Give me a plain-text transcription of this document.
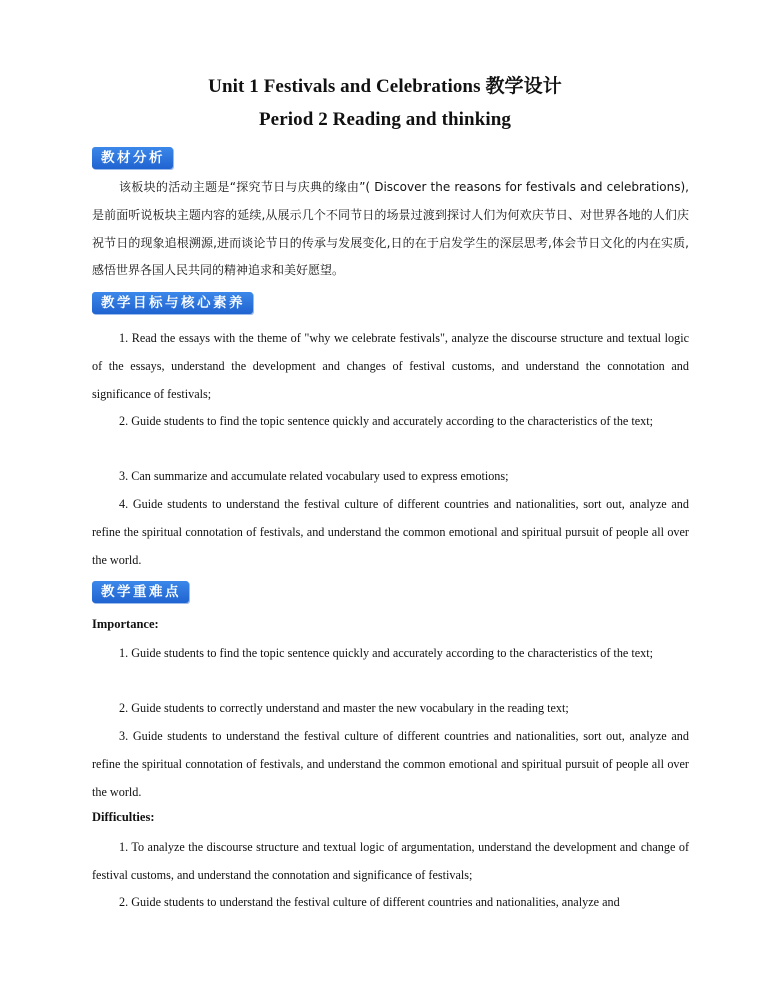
Unit 1 Festivals and Celebrations 教学设计
Period 2 Reading and thinking
教材分析
该板块的活动主题是“探究节日与庆典的缘由”( Discover the reasons for festivals and celebrations),是前面听说板块主题内容的延续,从展示几个不同节日的场景过渡到探讨人们为何欢庆节日、对世界各地的人们庆祝节日的现象追根溯源,进而谈论节日的传承与发展变化,日的在于启发学生的深层思考,体会节日文化的内在实质,感悟世界各国人民共同的精神追求和美好愿望。
教学目标与核心素养
1. Read the essays with the theme of "why we celebrate festivals", analyze the discourse structure and textual logic of the essays, understand the development and changes of festival customs, and understand the connotation and significance of festivals;
2. Guide students to find the topic sentence quickly and accurately according to the characteristics of the text;
3. Can summarize and accumulate related vocabulary used to express emotions;
4. Guide students to understand the festival culture of different countries and nationalities, sort out, analyze and refine the spiritual connotation of festivals, and understand the common emotional and spiritual pursuit of people all over the world.
教学重难点
Importance:
1. Guide students to find the topic sentence quickly and accurately according to the characteristics of the text;
2. Guide students to correctly understand and master the new vocabulary in the reading text;
3. Guide students to understand the festival culture of different countries and nationalities, sort out, analyze and refine the spiritual connotation of festivals, and understand the common emotional and spiritual pursuit of people all over the world.
Difficulties:
1. To analyze the discourse structure and textual logic of argumentation, understand the development and change of festival customs, and understand the connotation and significance of festivals;
2. Guide students to understand the festival culture of different countries and nationalities, analyze and
